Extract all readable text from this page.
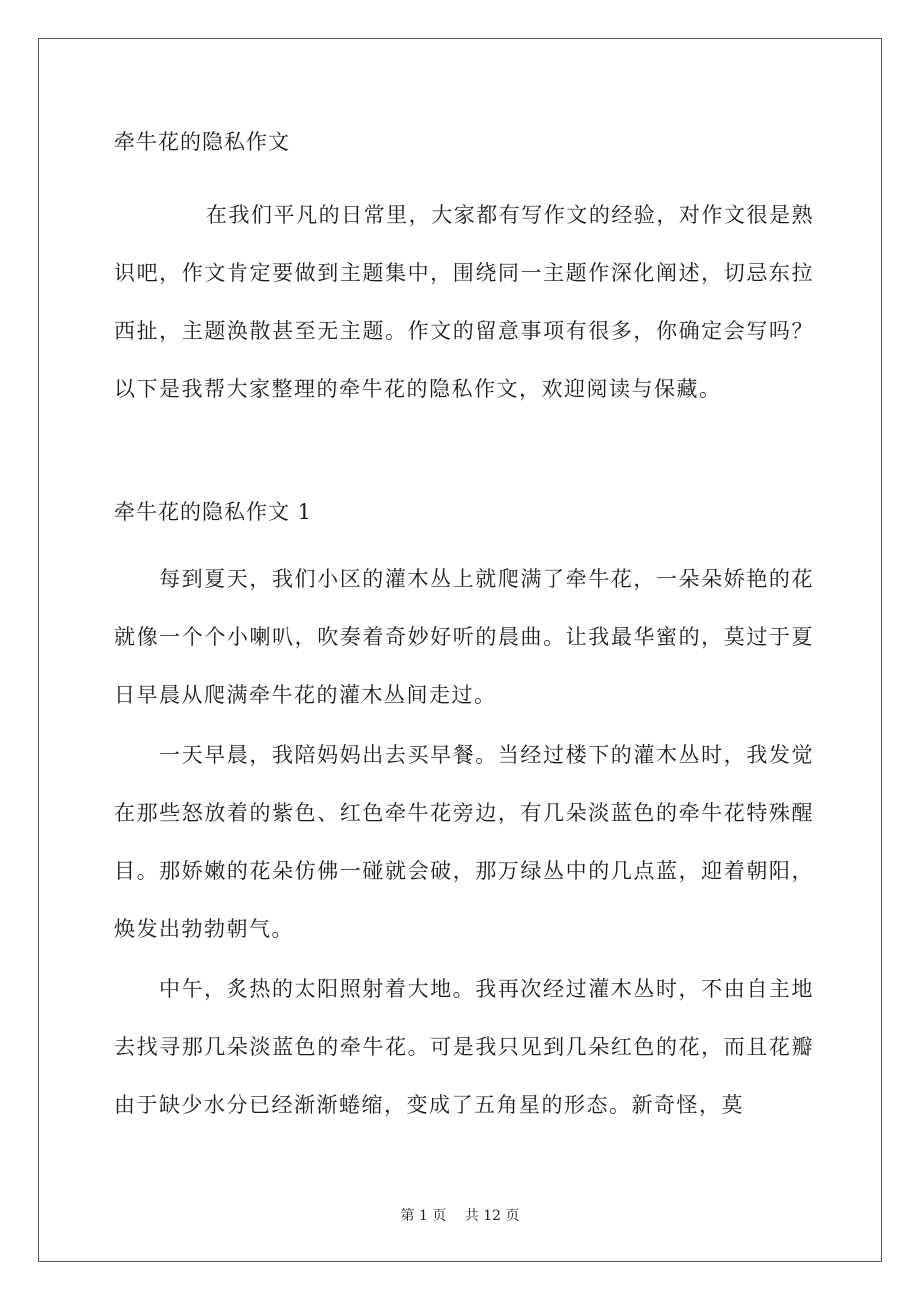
牵牛花的隐私作文

在我们平凡的日常里，大家都有写作文的经验，对作文很是熟识吧，作文肯定要做到主题集中，围绕同一主题作深化阐述，切忌东拉西扯，主题涣散甚至无主题。作文的留意事项有很多，你确定会写吗？以下是我帮大家整理的牵牛花的隐私作文，欢迎阅读与保藏。

牵牛花的隐私作文 1

每到夏天，我们小区的灌木丛上就爬满了牵牛花，一朵朵娇艳的花就像一个个小喇叭，吹奏着奇妙好听的晨曲。让我最华蜜的，莫过于夏日早晨从爬满牵牛花的灌木丛间走过。

一天早晨，我陪妈妈出去买早餐。当经过楼下的灌木丛时，我发觉在那些怒放着的紫色、红色牵牛花旁边，有几朵淡蓝色的牵牛花特殊醒目。那娇嫩的花朵仿佛一碰就会破，那万绿丛中的几点蓝，迎着朝阳，焕发出勃勃朝气。

中午，炙热的太阳照射着大地。我再次经过灌木丛时，不由自主地去找寻那几朵淡蓝色的牵牛花。可是我只见到几朵红色的花，而且花瓣由于缺少水分已经渐渐蜷缩，变成了五角星的形态。新奇怪，莫

第 1 页 共 12 页
